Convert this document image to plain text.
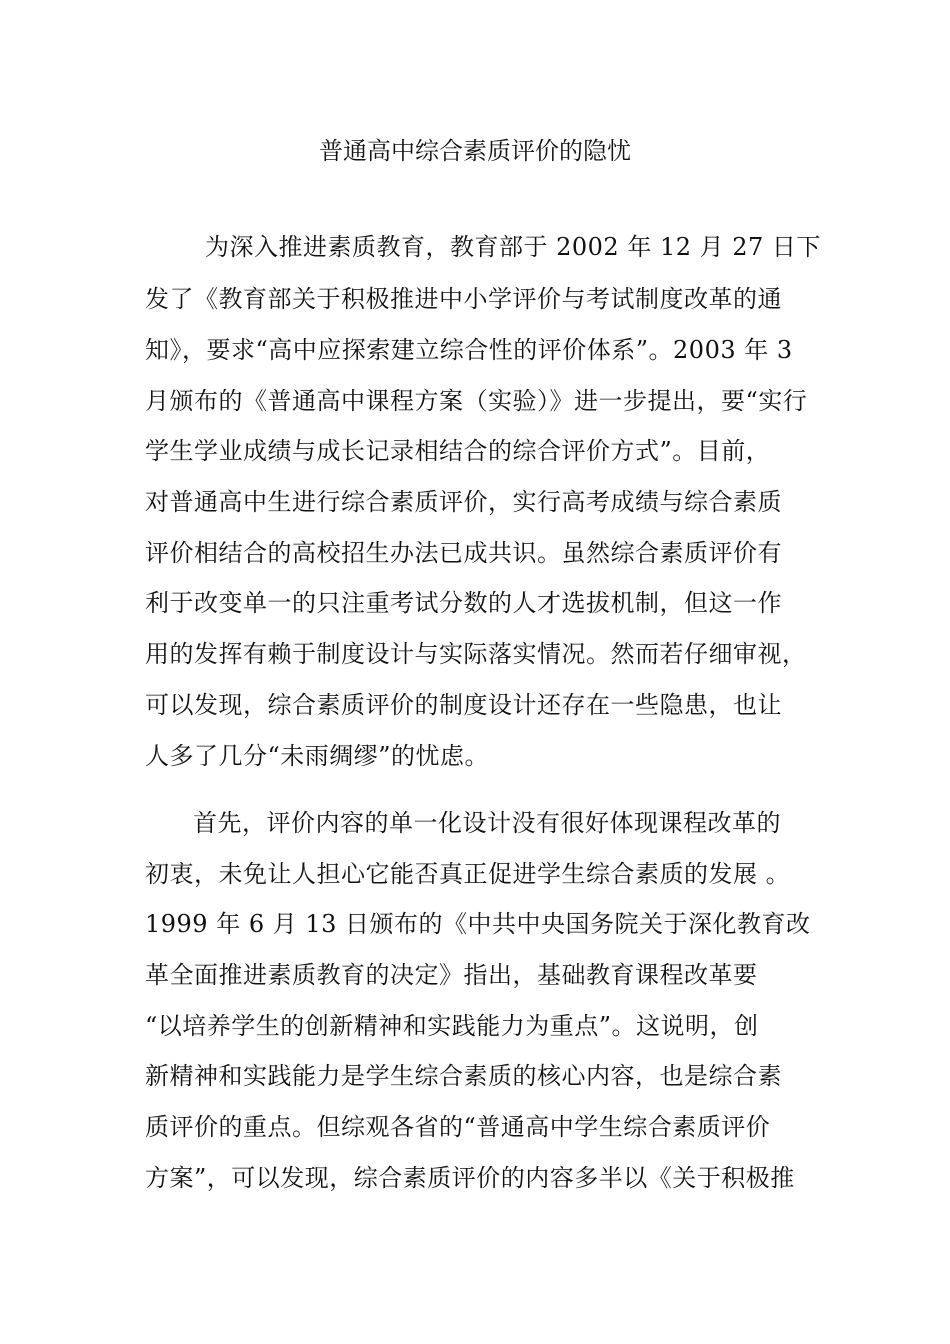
普通高中综合素质评价的隐忧
为深入推进素质教育，教育部于 2002 年 12 月 27 日下
发了《教育部关于积极推进中小学评价与考试制度改革的通
知》，要求“高中应探索建立综合性的评价体系”。2003 年 3
月颁布的《普通高中课程方案（实验）》进一步提出，要“实行
学生学业成绩与成长记录相结合的综合评价方式”。目前，
对普通高中生进行综合素质评价，实行高考成绩与综合素质
评价相结合的高校招生办法已成共识。虽然综合素质评价有
利于改变单一的只注重考试分数的人才选拔机制，但这一作
用的发挥有赖于制度设计与实际落实情况。然而若仔细审视，
可以发现，综合素质评价的制度设计还存在一些隐患，也让
人多了几分“未雨绸缪”的忧虑。
首先，评价内容的单一化设计没有很好体现课程改革的
初衷，未免让人担心它能否真正促进学生综合素质的发展 。
1999 年 6 月 13 日颁布的《中共中央国务院关于深化教育改
革全面推进素质教育的决定》指出，基础教育课程改革要
“以培养学生的创新精神和实践能力为重点”。这说明，创
新精神和实践能力是学生综合素质的核心内容，也是综合素
质评价的重点。但综观各省的“普通高中学生综合素质评价
方案”，可以发现，综合素质评价的内容多半以《关于积极推
